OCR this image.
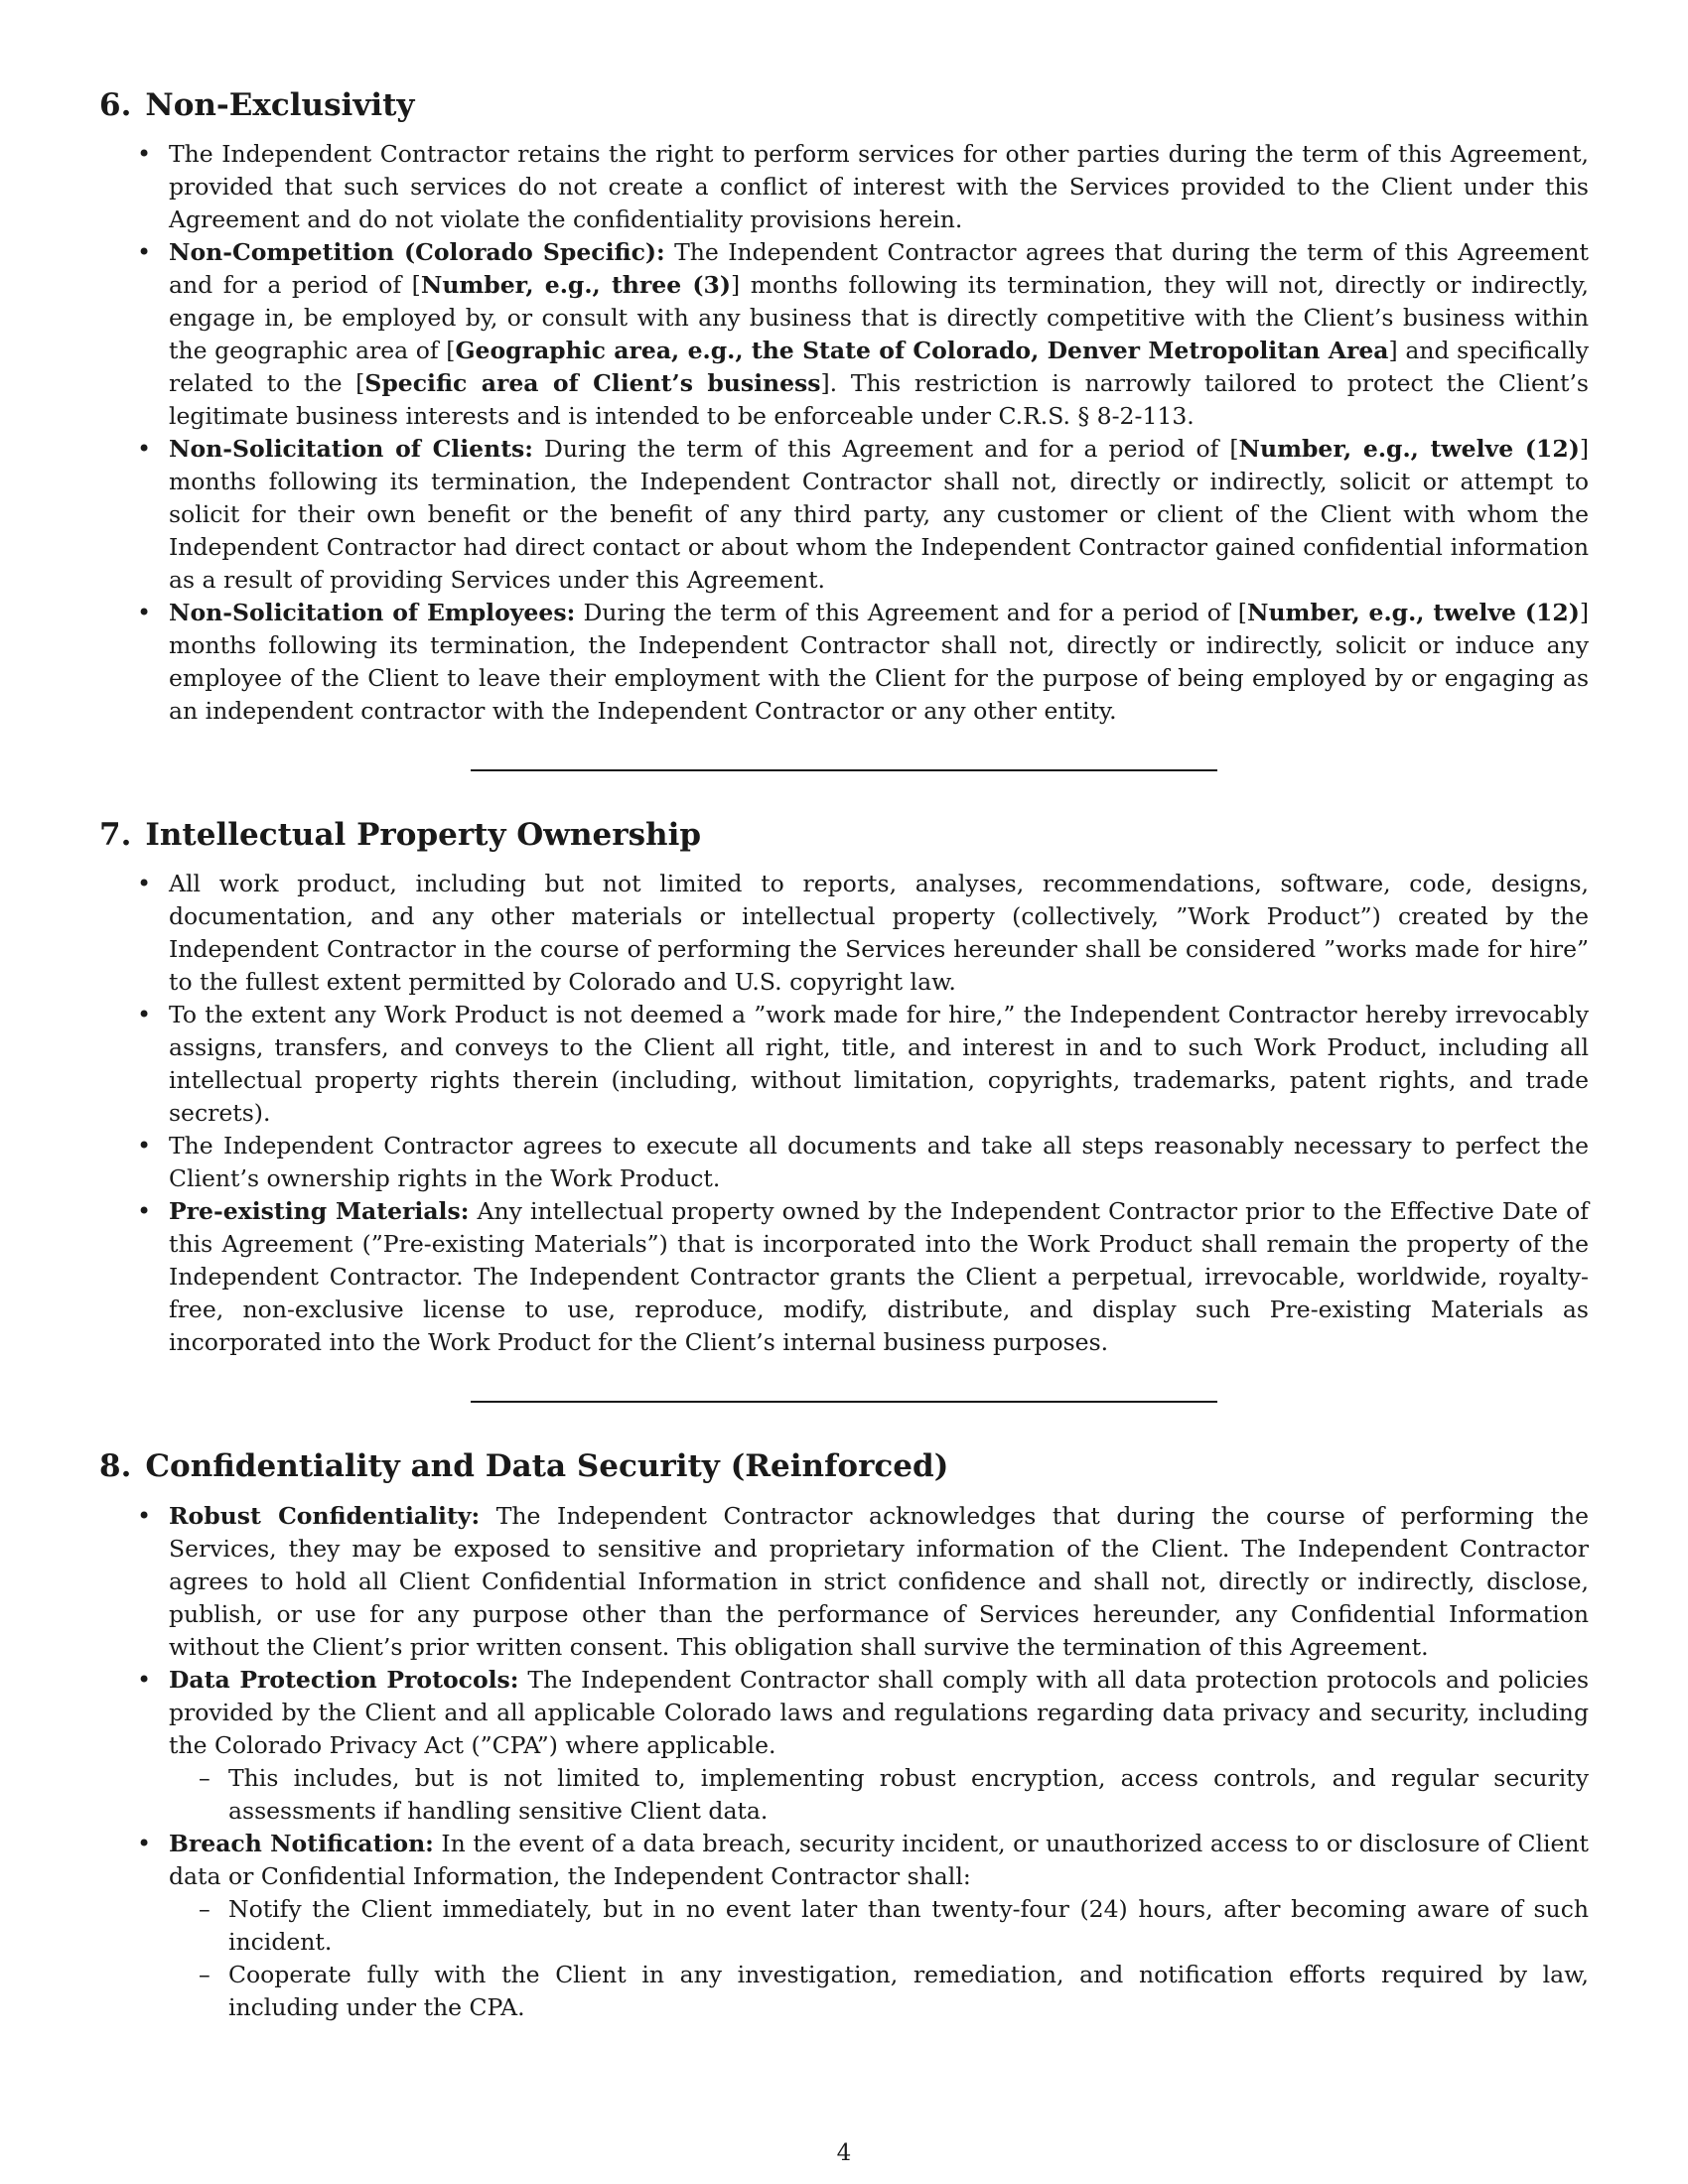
6. Non-Exclusivity
• The Independent Contractor retains the right to perform services for other parties during the term of this Agreement, provided that such services do not create a conflict of interest with the Services provided to the Client under this Agreement and do not violate the confidentiality provisions herein.
• Non-Competition (Colorado Specific): The Independent Contractor agrees that during the term of this Agreement and for a period of [Number, e.g., three (3)] months following its termination, they will not, directly or indirectly, engage in, be employed by, or consult with any business that is directly competitive with the Client’s business within the geographic area of [Geographic area, e.g., the State of Colorado, Denver Metropolitan Area] and specifically related to the [Specific area of Client’s business]. This restriction is narrowly tailored to protect the Client’s legitimate business interests and is intended to be enforceable under C.R.S. § 8-2-113.
• Non-Solicitation of Clients: During the term of this Agreement and for a period of [Number, e.g., twelve (12)] months following its termination, the Independent Contractor shall not, directly or indirectly, solicit or attempt to solicit for their own benefit or the benefit of any third party, any customer or client of the Client with whom the Independent Contractor had direct contact or about whom the Independent Contractor gained confidential information as a result of providing Services under this Agreement.
• Non-Solicitation of Employees: During the term of this Agreement and for a period of [Number, e.g., twelve (12)] months following its termination, the Independent Contractor shall not, directly or indirectly, solicit or induce any employee of the Client to leave their employment with the Client for the purpose of being employed by or engaging as an independent contractor with the Independent Contractor or any other entity.
7. Intellectual Property Ownership
• All work product, including but not limited to reports, analyses, recommendations, software, code, designs, documentation, and any other materials or intellectual property (collectively, ”Work Product”) created by the Independent Contractor in the course of performing the Services hereunder shall be considered ”works made for hire” to the fullest extent permitted by Colorado and U.S. copyright law.
• To the extent any Work Product is not deemed a ”work made for hire,” the Independent Contractor hereby irrevocably assigns, transfers, and conveys to the Client all right, title, and interest in and to such Work Product, including all intellectual property rights therein (including, without limitation, copyrights, trademarks, patent rights, and trade secrets).
• The Independent Contractor agrees to execute all documents and take all steps reasonably necessary to perfect the Client’s ownership rights in the Work Product.
• Pre-existing Materials: Any intellectual property owned by the Independent Contractor prior to the Effective Date of this Agreement (”Pre-existing Materials”) that is incorporated into the Work Product shall remain the property of the Independent Contractor. The Independent Contractor grants the Client a perpetual, irrevocable, worldwide, royalty-free, non-exclusive license to use, reproduce, modify, distribute, and display such Pre-existing Materials as incorporated into the Work Product for the Client’s internal business purposes.
8. Confidentiality and Data Security (Reinforced)
• Robust Confidentiality: The Independent Contractor acknowledges that during the course of performing the Services, they may be exposed to sensitive and proprietary information of the Client. The Independent Contractor agrees to hold all Client Confidential Information in strict confidence and shall not, directly or indirectly, disclose, publish, or use for any purpose other than the performance of Services hereunder, any Confidential Information without the Client’s prior written consent. This obligation shall survive the termination of this Agreement.
• Data Protection Protocols: The Independent Contractor shall comply with all data protection protocols and policies provided by the Client and all applicable Colorado laws and regulations regarding data privacy and security, including the Colorado Privacy Act (”CPA”) where applicable.
– This includes, but is not limited to, implementing robust encryption, access controls, and regular security assessments if handling sensitive Client data.
• Breach Notification: In the event of a data breach, security incident, or unauthorized access to or disclosure of Client data or Confidential Information, the Independent Contractor shall:
– Notify the Client immediately, but in no event later than twenty-four (24) hours, after becoming aware of such incident.
– Cooperate fully with the Client in any investigation, remediation, and notification efforts required by law, including under the CPA.
4
